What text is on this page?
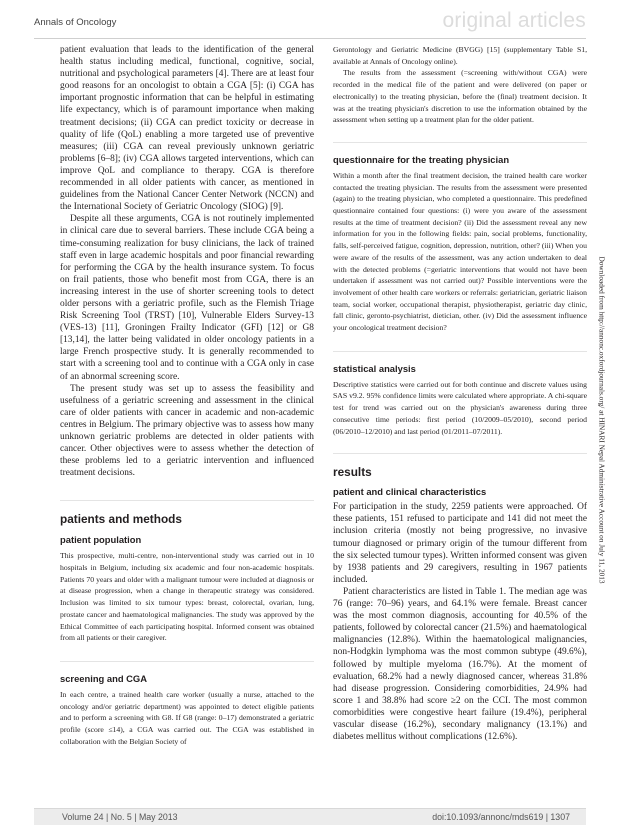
Annals of Oncology	original articles

patient evaluation that leads to the identification of the general health status including medical, functional, cognitive, social, nutritional and psychological parameters [4]. There are at least four good reasons for an oncologist to obtain a CGA [5]: (i) CGA has important prognostic information that can be helpful in estimating life expectancy, which is of paramount importance when making treatment decisions; (ii) CGA can predict toxicity or decrease in quality of life (QoL) enabling a more targeted use of preventive measures; (iii) CGA can reveal previously unknown geriatric problems [6–8]; (iv) CGA allows targeted interventions, which can improve QoL and compliance to therapy. CGA is therefore recommended in all older patients with cancer, as mentioned in guidelines from the National Cancer Center Network (NCCN) and the International Society of Geriatric Oncology (SIOG) [9].

Despite all these arguments, CGA is not routinely implemented in clinical care due to several barriers. These include CGA being a time-consuming realization for busy clinicians, the lack of trained staff even in large academic hospitals and poor financial rewarding for performing the CGA by the health insurance system. To focus on frail patients, those who benefit most from CGA, there is an increasing interest in the use of shorter screening tools to detect older persons with a geriatric profile, such as the Flemish Triage Risk Screening Tool (TRST) [10], Vulnerable Elders Survey-13 (VES-13) [11], Groningen Frailty Indicator (GFI) [12] or G8 [13,14], the latter being validated in older oncology patients in a large French prospective study. It is generally recommended to start with a screening tool and to continue with a CGA only in case of an abnormal screening score.

The present study was set up to assess the feasibility and usefulness of a geriatric screening and assessment in the clinical care of older patients with cancer in academic and non-academic centres in Belgium. The primary objective was to assess how many unknown geriatric problems are detected in older patients with cancer. Other objectives were to assess whether the detection of these problems led to a geriatric intervention and influenced treatment decisions.

patients and methods
patient population

This prospective, multi-centre, non-interventional study was carried out in 10 hospitals in Belgium, including six academic and four non-academic hospitals. Patients 70 years and older with a malignant tumour were included at diagnosis or at disease progression, when a change in therapeutic strategy was considered. Inclusion was limited to six tumour types: breast, colorectal, ovarian, lung, prostate cancer and haematological malignancies. The study was approved by the Ethical Committee of each participating hospital. Informed consent was obtained from all patients or their caregiver.

screening and CGA

In each centre, a trained health care worker (usually a nurse, attached to the oncology and/or geriatric department) was appointed to detect eligible patients and to perform a screening with G8. If G8 (range: 0–17) demonstrated a geriatric profile (score ≤14), a CGA was carried out. The CGA was established in collaboration with the Belgian Society of

Gerontology and Geriatric Medicine (BVGG) [15] (supplementary Table S1, available at Annals of Oncology online).

The results from the assessment (=screening with/without CGA) were recorded in the medical file of the patient and were delivered (on paper or electronically) to the treating physician, before the (final) treatment decision. It was at the treating physician's discretion to use the information obtained by the assessment when setting up a treatment plan for the older patient.

questionnaire for the treating physician

Within a month after the final treatment decision, the trained health care worker contacted the treating physician. The results from the assessment were presented (again) to the treating physician, who completed a questionnaire. This predefined questionnaire contained four questions: (i) were you aware of the assessment results at the time of treatment decision? (ii) Did the assessment reveal any new information for you in the following fields: pain, social problems, functionality, falls, self-perceived fatigue, cognition, depression, nutrition, other? (iii) When you were aware of the results of the assessment, was any action undertaken to deal with the detected problems (=geriatric interventions that would not have been undertaken if assessment was not carried out)? Possible interventions were the involvement of other health care workers or referrals: geriatrician, geriatric liaison team, social worker, occupational therapist, physiotherapist, geriatric day clinic, fall clinic, geronto-psychiatrist, dietician, other. (iv) Did the assessment influence your oncological treatment decision?

statistical analysis

Descriptive statistics were carried out for both continue and discrete values using SAS v9.2. 95% confidence limits were calculated where appropriate. A chi-square test for trend was carried out on the physician's awareness during three consecutive time periods: first period (10/2009–05/2010), second period (06/2010–12/2010) and last period (01/2011–07/2011).

results
patient and clinical characteristics

For participation in the study, 2259 patients were approached. Of these patients, 151 refused to participate and 141 did not meet the inclusion criteria (mostly not being progressive, no invasive tumour diagnosed or primary origin of the tumour different from the six selected tumour types). Written informed consent was given by 1938 patients and 29 caregivers, resulting in 1967 patients included.

Patient characteristics are listed in Table 1. The median age was 76 (range: 70–96) years, and 64.1% were female. Breast cancer was the most common diagnosis, accounting for 40.5% of the patients, followed by colorectal cancer (21.5%) and haematological malignancies (12.8%). Within the haematological malignancies, non-Hodgkin lymphoma was the most common subtype (49.6%), followed by multiple myeloma (16.7%). At the moment of evaluation, 68.2% had a newly diagnosed cancer, whereas 31.8% had disease progression. Considering comorbidities, 24.9% had score 1 and 38.8% had score ≥2 on the CCI. The most common comorbidities were congestive heart failure (19.4%), peripheral vascular disease (16.2%), secondary malignancy (13.1%) and diabetes mellitus without complications (12.6%).

Downloaded from http://annonc.oxfordjournals.org/ at HINARI Nepal Administrative Account on July 11, 2013
Volume 24 | No. 5 | May 2013	doi:10.1093/annonc/mds619 | 1307
